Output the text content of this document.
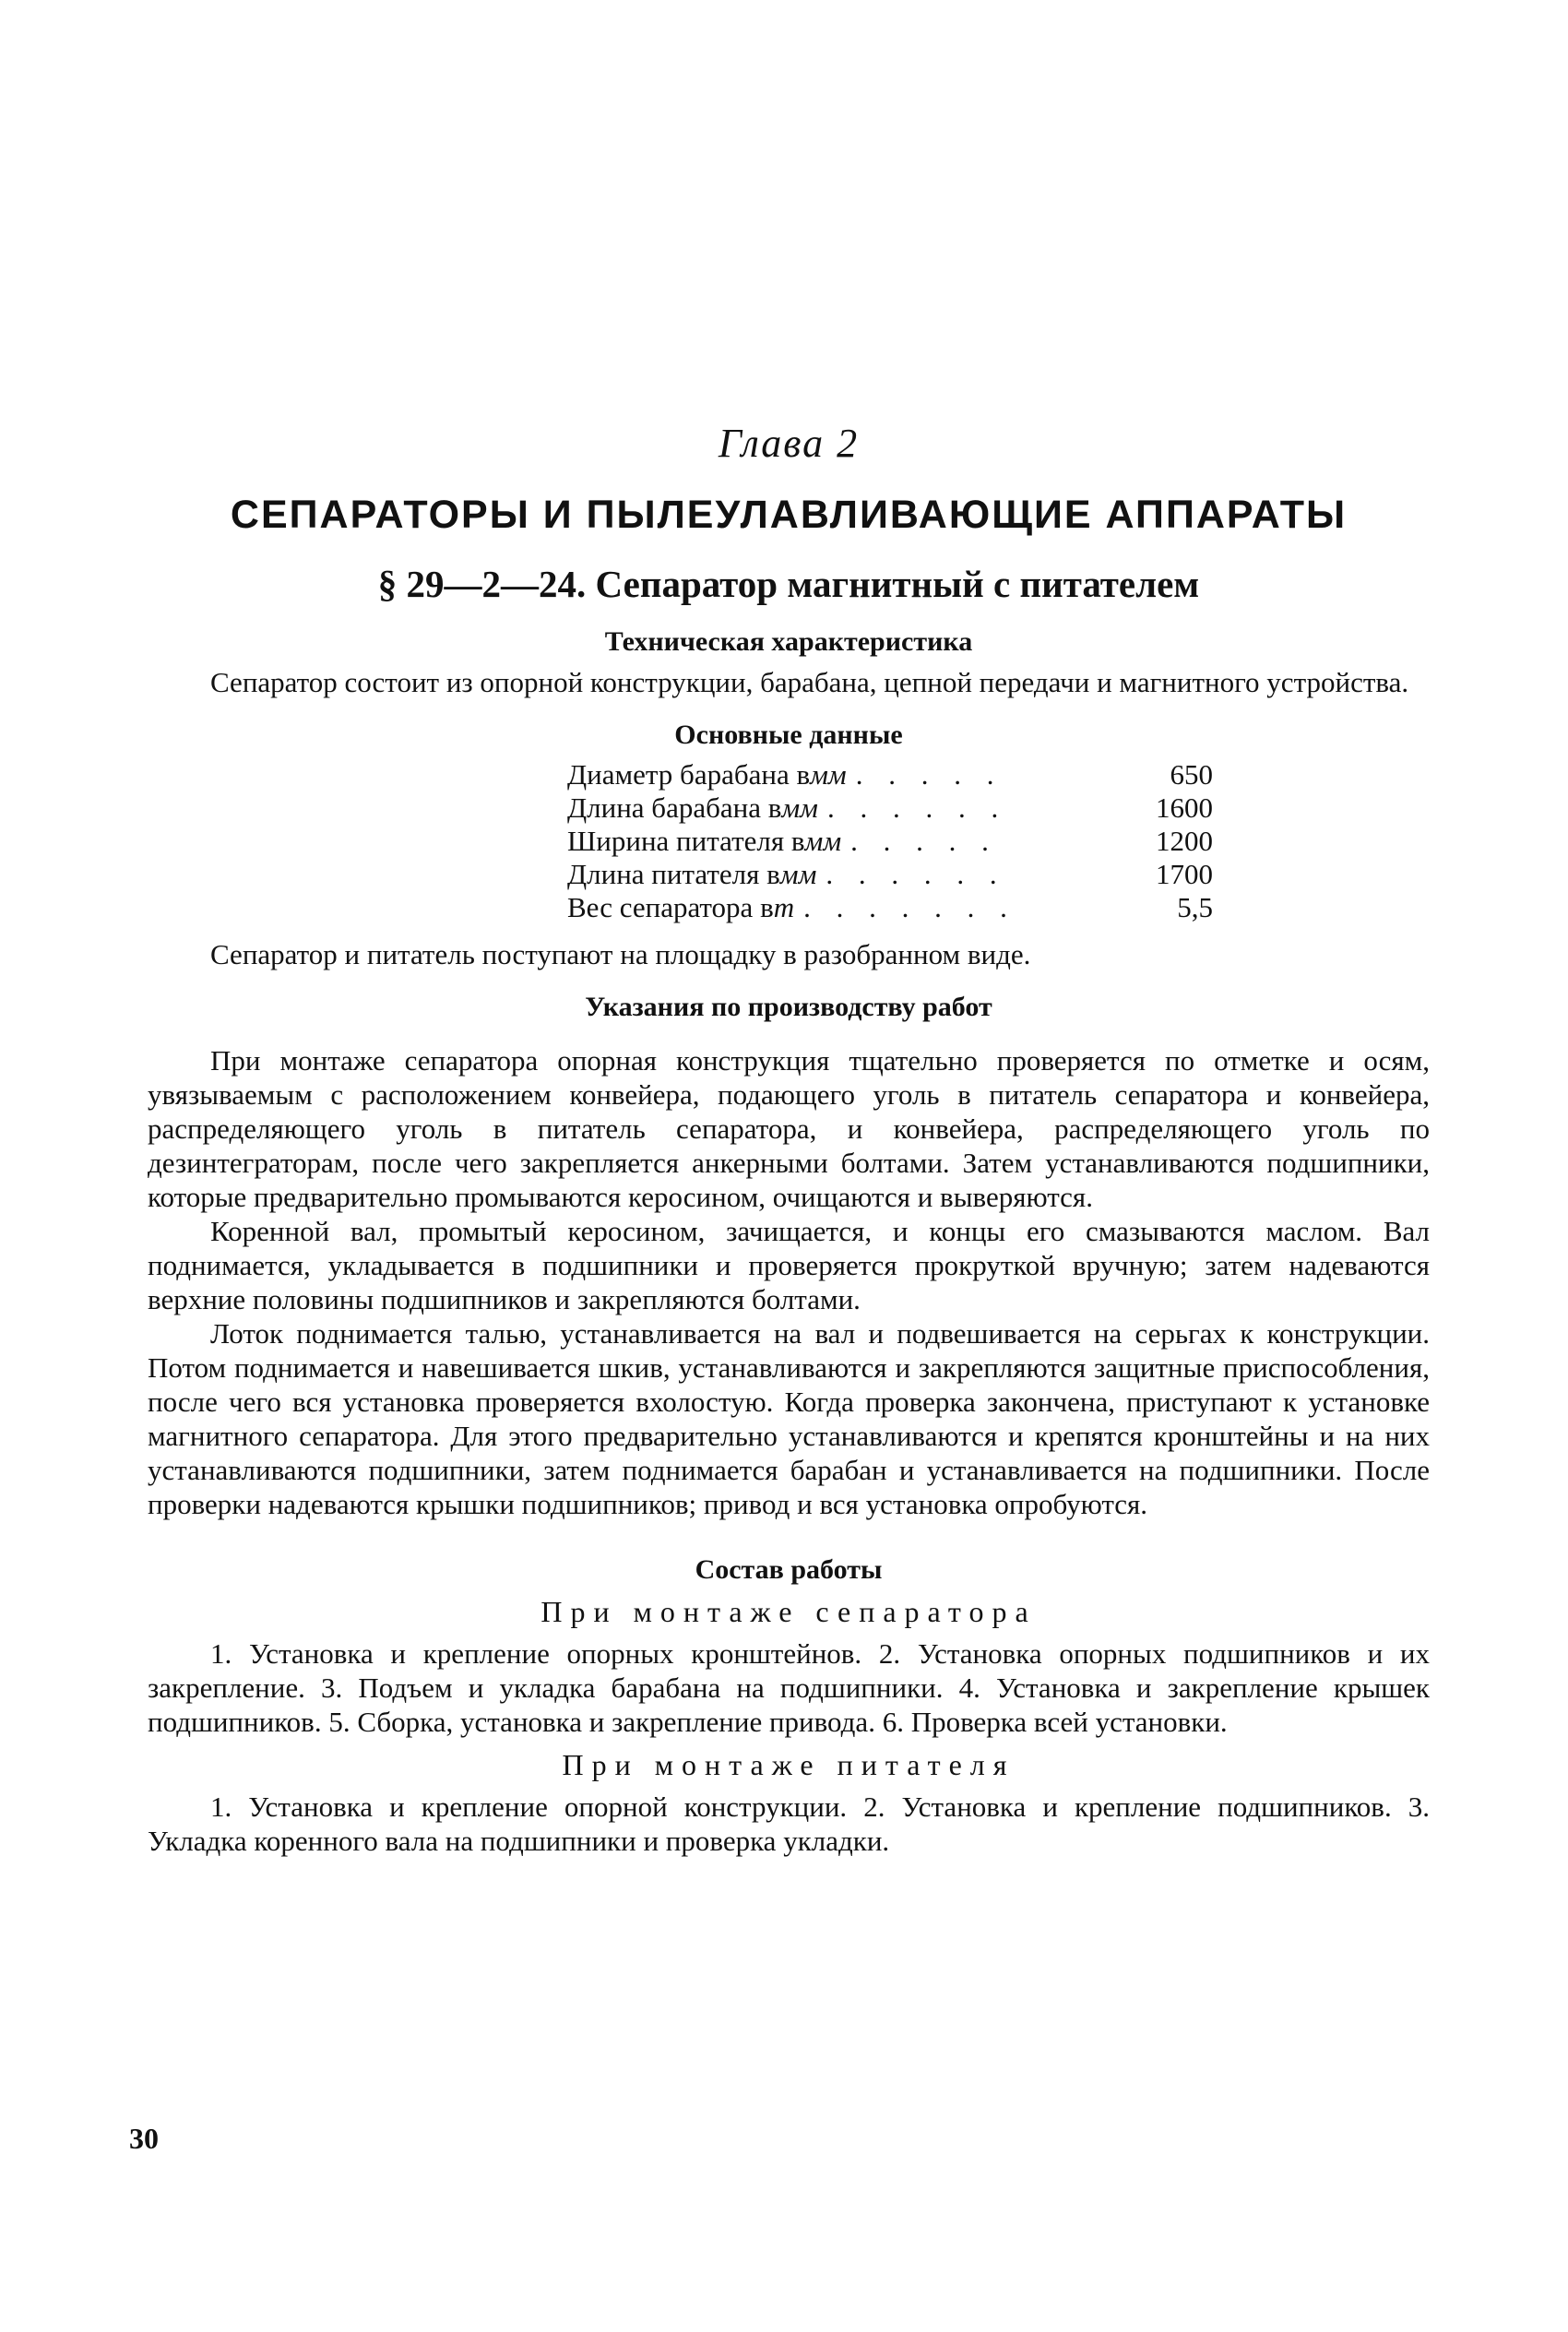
Глава 2
СЕПАРАТОРЫ И ПЫЛЕУЛАВЛИВАЮЩИЕ АППАРАТЫ
§ 29—2—24. Сепаратор магнитный с питателем
Техническая характеристика

Сепаратор состоит из опорной конструкции, барабана, цепной передачи и магнитного устройства.

Основные данные
Диаметр барабана в мм . . . . .	650
Длина барабана в мм . . . . . .	1600
Ширина питателя в мм . . . . .	1200
Длина питателя в мм . . . . . .	1700
Вес сепаратора в т . . . . . . .	5,5

Сепаратор и питатель поступают на площадку в разобранном виде.

Указания по производству работ

При монтаже сепаратора опорная конструкция тщательно проверяется по отметке и осям, увязываемым с расположением конвейера, подающего уголь в питатель сепаратора и конвейера, распределяющего уголь в питатель сепаратора, и конвейера, распределяющего уголь по дезинтеграторам, после чего закрепляется анкерными болтами. Затем устанавливаются подшипники, которые предварительно промываются керосином, очищаются и выверяются.

Коренной вал, промытый керосином, зачищается, и концы его смазываются маслом. Вал поднимается, укладывается в подшипники и проверяется прокруткой вручную; затем надеваются верхние половины подшипников и закрепляются болтами.

Лоток поднимается талью, устанавливается на вал и подвешивается на серьгах к конструкции. Потом поднимается и навешивается шкив, устанавливаются и закрепляются защитные приспособления, после чего вся установка проверяется вхолостую. Когда проверка закончена, приступают к установке магнитного сепаратора. Для этого предварительно устанавливаются и крепятся кронштейны и на них устанавливаются подшипники, затем поднимается барабан и устанавливается на подшипники. После проверки надеваются крышки подшипников; привод и вся установка опробуются.

Состав работы
При монтаже сепаратора

1. Установка и крепление опорных кронштейнов. 2. Установка опорных подшипников и их закрепление. 3. Подъем и укладка барабана на подшипники. 4. Установка и закрепление крышек подшипников. 5. Сборка, установка и закрепление привода. 6. Проверка всей установки.

При монтаже питателя

1. Установка и крепление опорной конструкции. 2. Установка и крепление подшипников. 3. Укладка коренного вала на подшипники и проверка укладки.

30
